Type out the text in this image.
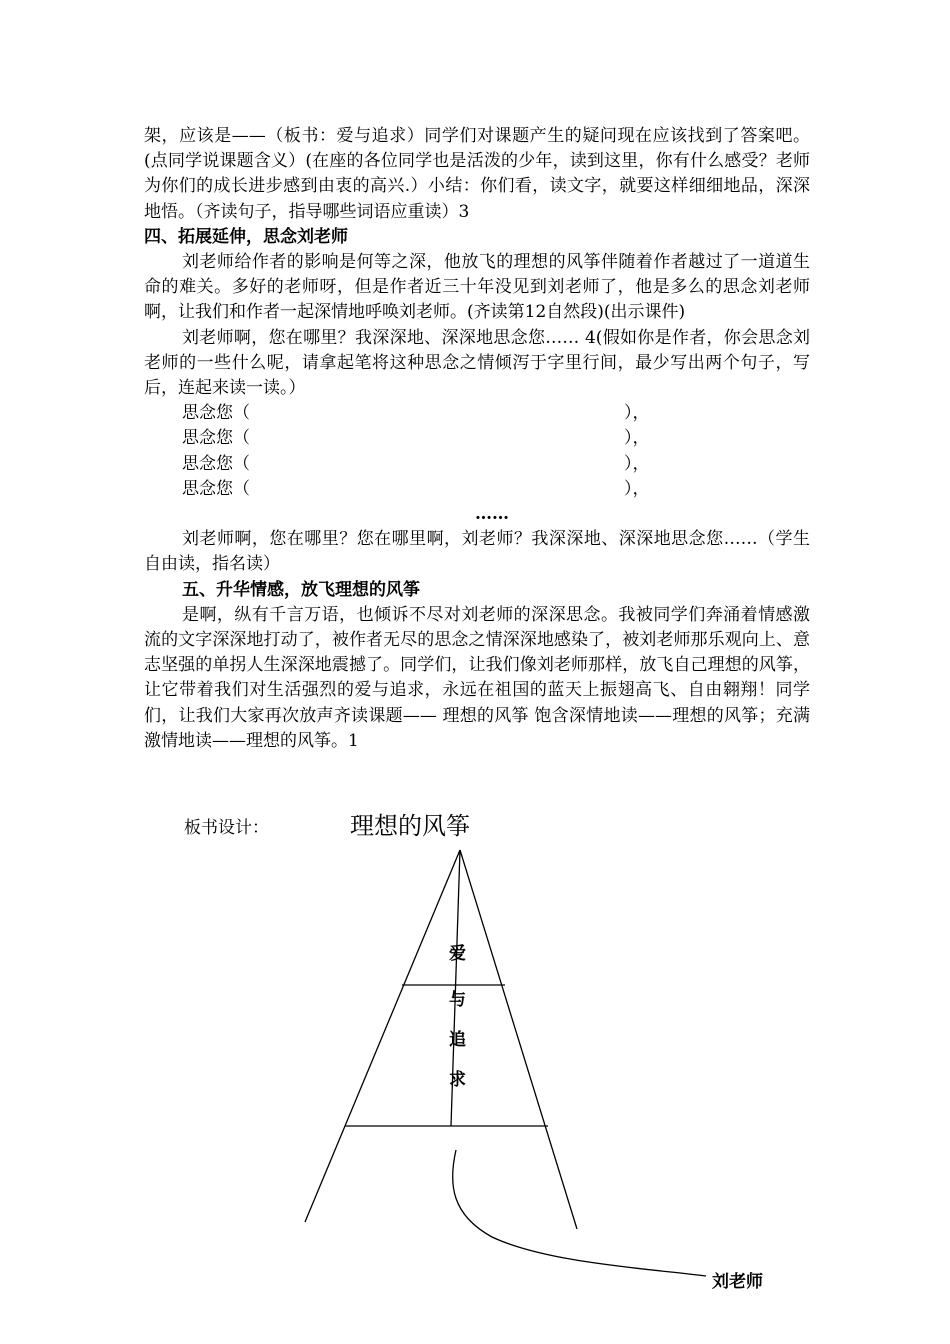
架，应该是——（板书：爱与追求）同学们对课题产生的疑问现在应该找到了答案吧。(点同学说课题含义）(在座的各位同学也是活泼的少年，读到这里，你有什么感受？老师为你们的成长进步感到由衷的高兴.）小结：你们看，读文字，就要这样细细地品，深深地悟。（齐读句子，指导哪些词语应重读）3

四、拓展延伸，思念刘老师

刘老师给作者的影响是何等之深，他放飞的理想的风筝伴随着作者越过了一道道生命的难关。多好的老师呀，但是作者近三十年没见到刘老师了，他是多么的思念刘老师啊，让我们和作者一起深情地呼唤刘老师。(齐读第12自然段)(出示课件)

刘老师啊，您在哪里？我深深地、深深地思念您…… 4(假如你是作者，你会思念刘老师的一些什么呢，请拿起笔将这种思念之情倾泻于字里行间，最少写出两个句子，写后，连起来读一读。）

思念您（	），
思念您（	），
思念您（	），
思念您（	），
……

刘老师啊，您在哪里？您在哪里啊，刘老师？我深深地、深深地思念您……（学生自由读，指名读）

五、升华情感，放飞理想的风筝

是啊，纵有千言万语，也倾诉不尽对刘老师的深深思念。我被同学们奔涌着情感激流的文字深深地打动了，被作者无尽的思念之情深深地感染了，被刘老师那乐观向上、意志坚强的单拐人生深深地震撼了。同学们，让我们像刘老师那样，放飞自己理想的风筝，让它带着我们对生活强烈的爱与追求，永远在祖国的蓝天上振翅高飞、自由翱翔！同学们，让我们大家再次放声齐读课题—— 理想的风筝 饱含深情地读——理想的风筝；充满激情地读——理想的风筝。1

板书设计：	理想的风筝
爱
与
追
求
刘老师
